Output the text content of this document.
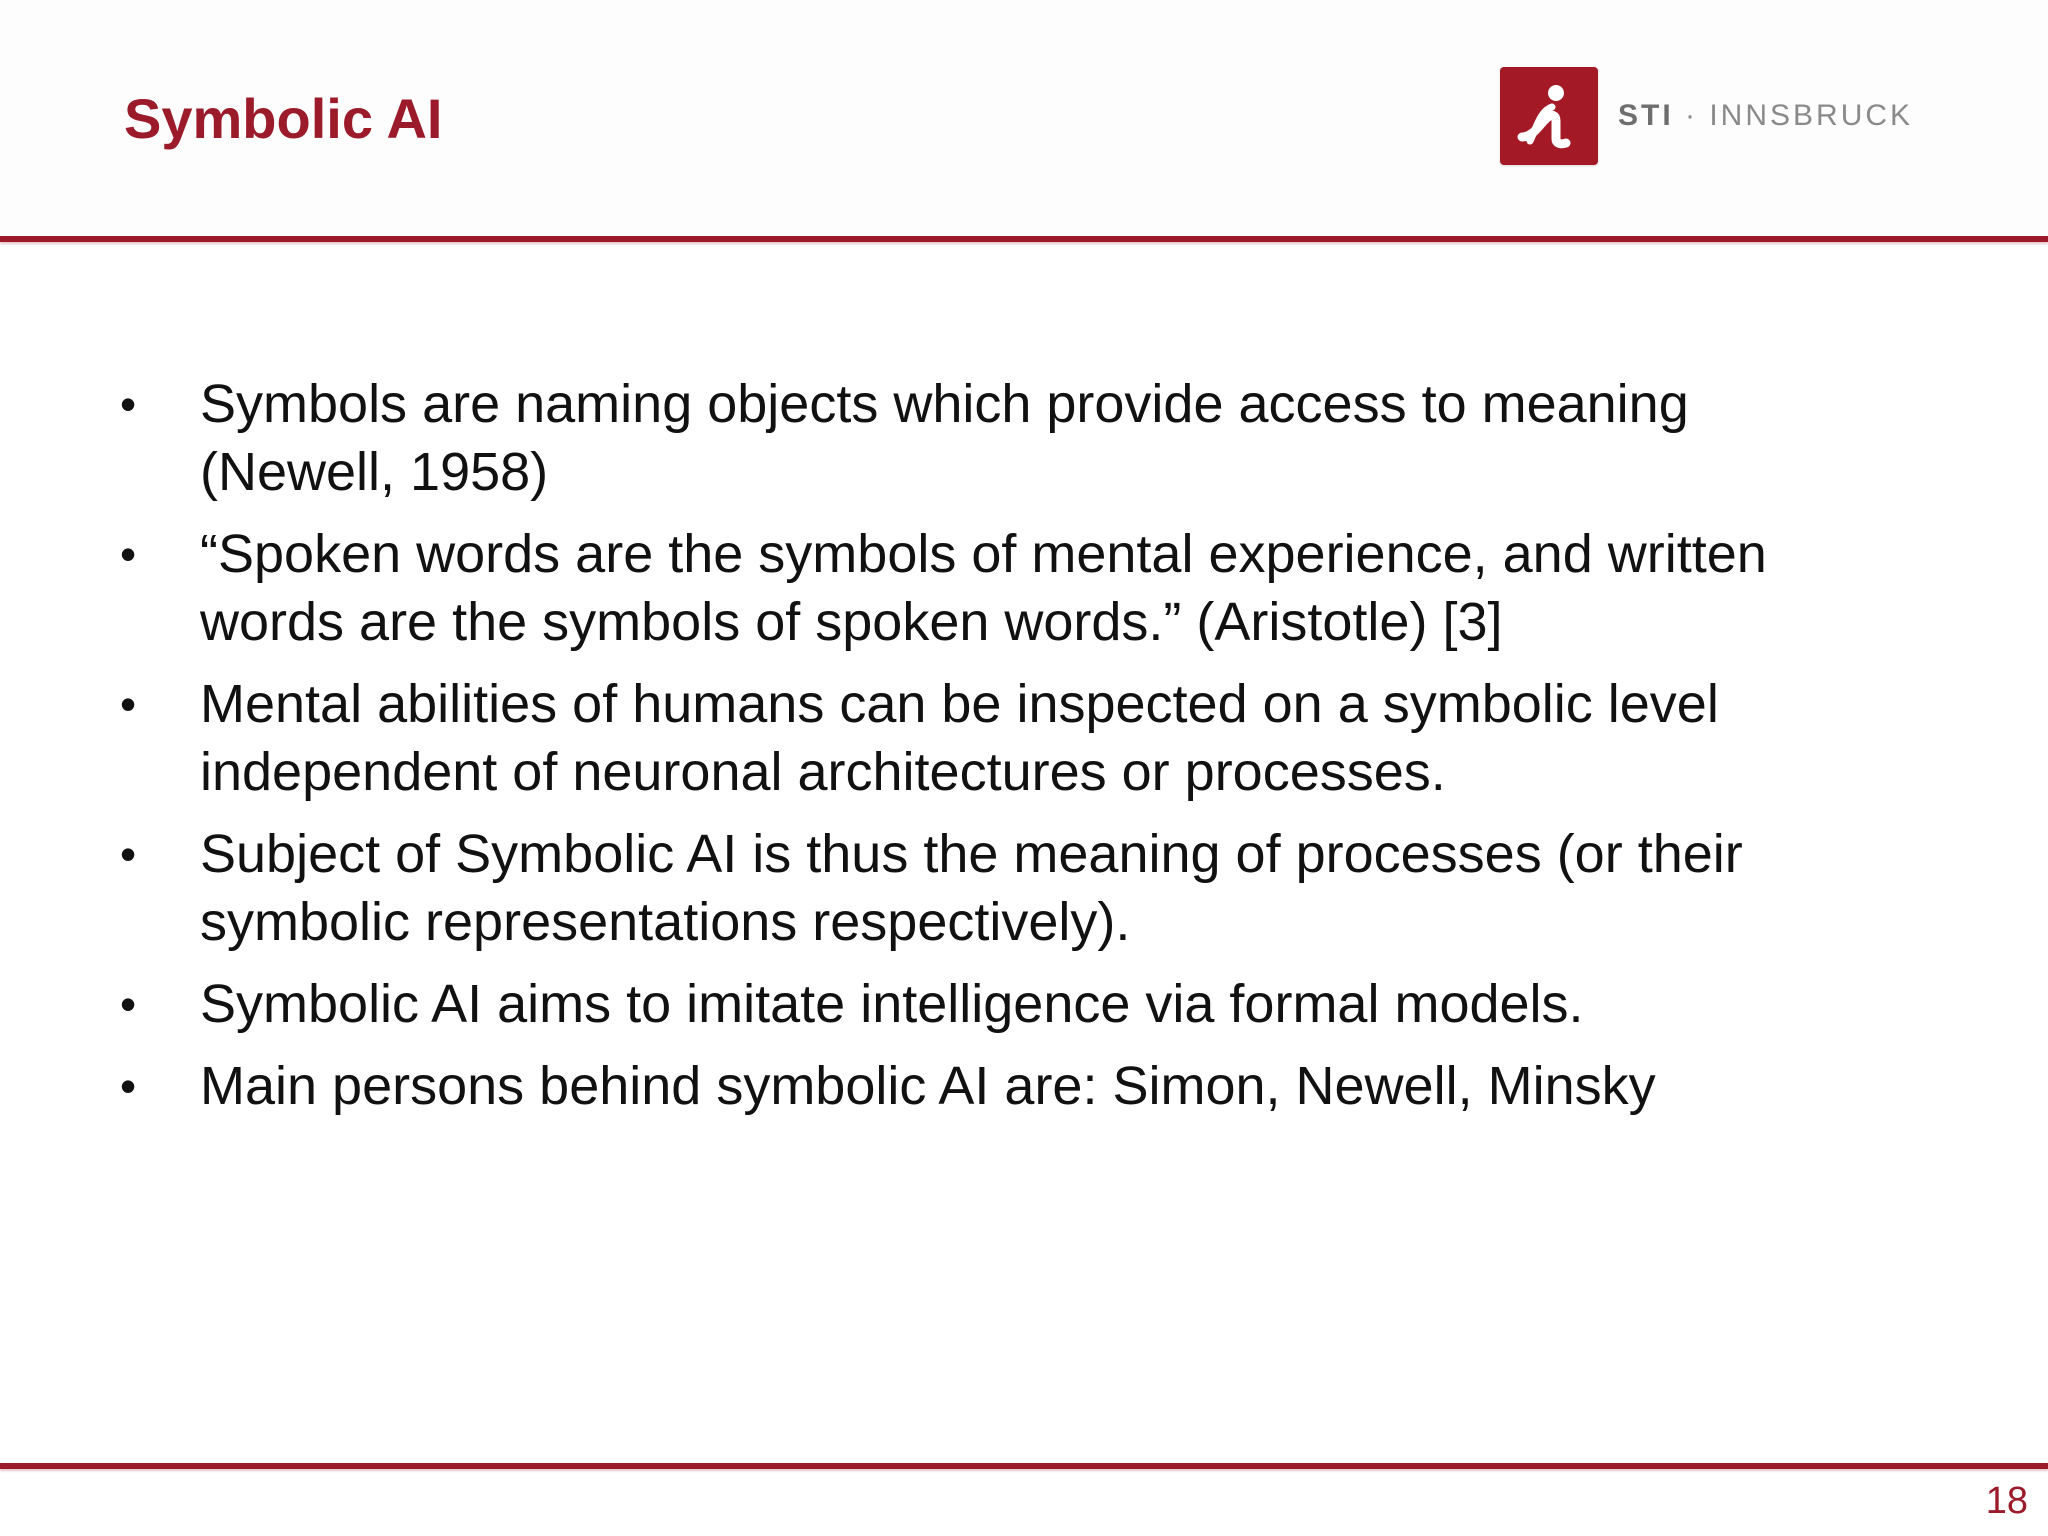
Symbolic AI	STI · INNSBRUCK
• Symbols are naming objects which provide access to meaning
(Newell, 1958)
• “Spoken words are the symbols of mental experience, and written
words are the symbols of spoken words.” (Aristotle) [3]
• Mental abilities of humans can be inspected on a symbolic level
independent of neuronal architectures or processes.
• Subject of Symbolic AI is thus the meaning of processes (or their
symbolic representations respectively).
• Symbolic AI aims to imitate intelligence via formal models.
• Main persons behind symbolic AI are: Simon, Newell, Minsky
18
